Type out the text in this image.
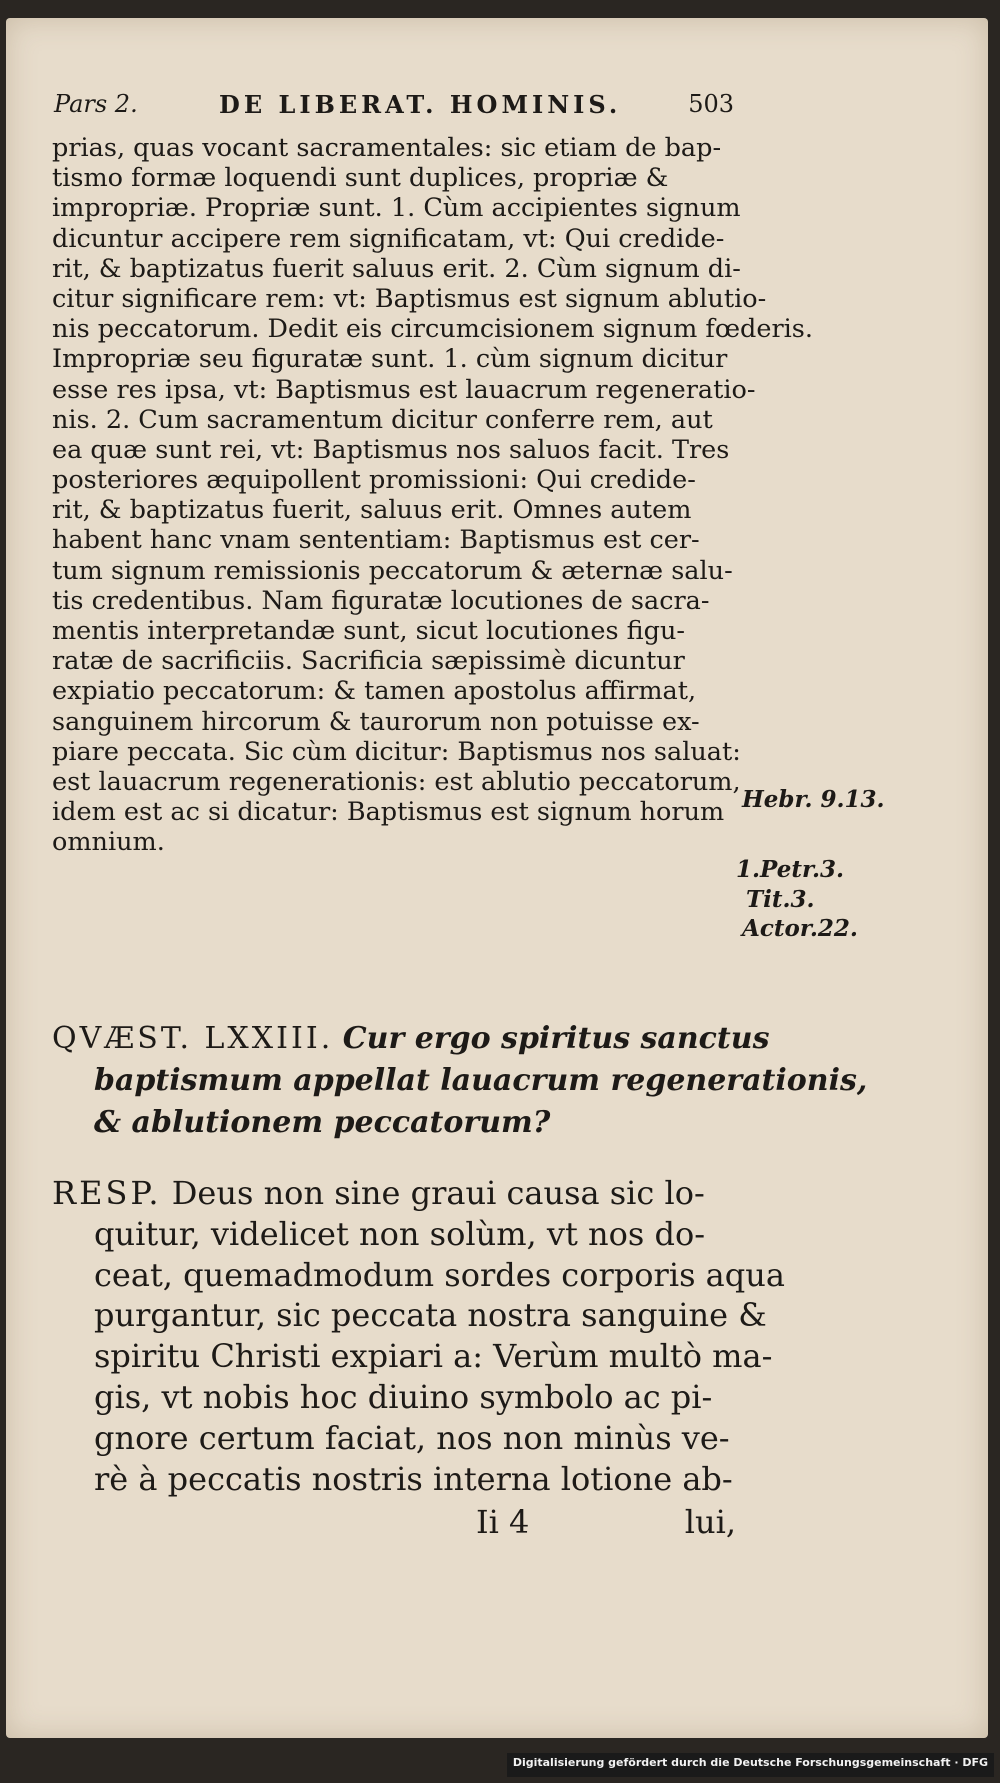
Pars 2.	DE LIBERAT. HOMINIS.	503
prias, quas vocant sacramentales: sic etiam de bap-
tismo formæ loquendi sunt duplices, propriæ &
impropriæ. Propriæ sunt. 1. Cùm accipientes signum
dicuntur accipere rem significatam, vt: Qui credide-
rit, & baptizatus fuerit saluus erit. 2. Cùm signum di-
citur significare rem: vt: Baptismus est signum ablutio-
nis peccatorum. Dedit eis circumcisionem signum fœderis.
Impropriæ seu figuratæ sunt. 1. cùm signum dicitur
esse res ipsa, vt: Baptismus est lauacrum regeneratio-
nis. 2. Cum sacramentum dicitur conferre rem, aut
ea quæ sunt rei, vt: Baptismus nos saluos facit. Tres
posteriores æquipollent promissioni: Qui credide-
rit, & baptizatus fuerit, saluus erit. Omnes autem
habent hanc vnam sententiam: Baptismus est cer-
tum signum remissionis peccatorum & æternæ salu-
tis credentibus. Nam figuratæ locutiones de sacra-
mentis interpretandæ sunt, sicut locutiones figu-
ratæ de sacrificiis. Sacrificia sæpissimè dicuntur
expiatio peccatorum: & tamen apostolus affirmat,
sanguinem hircorum & taurorum non potuisse ex-
piare peccata. Sic cùm dicitur: Baptismus nos saluat:
est lauacrum regenerationis: est ablutio peccatorum,
idem est ac si dicatur: Baptismus est signum horum
omnium.
Hebr. 9.13.
1.Petr.3.
Tit.3.
Actor.22.
QVÆST. LXXIII. Cur ergo spiritus sanctus
baptismum appellat lauacrum regenerationis,
& ablutionem peccatorum?
RESP. Deus non sine graui causa sic lo-
quitur, videlicet non solùm, vt nos do-
ceat, quemadmodum sordes corporis aqua
purgantur, sic peccata nostra sanguine &
spiritu Christi expiari a: Verùm multò ma-
gis, vt nobis hoc diuino symbolo ac pi-
gnore certum faciat, nos non minùs ve-
rè à peccatis nostris interna lotione ab-
Ii 4	lui,
Digitalisierung gefördert durch die Deutsche Forschungsgemeinschaft · DFG
